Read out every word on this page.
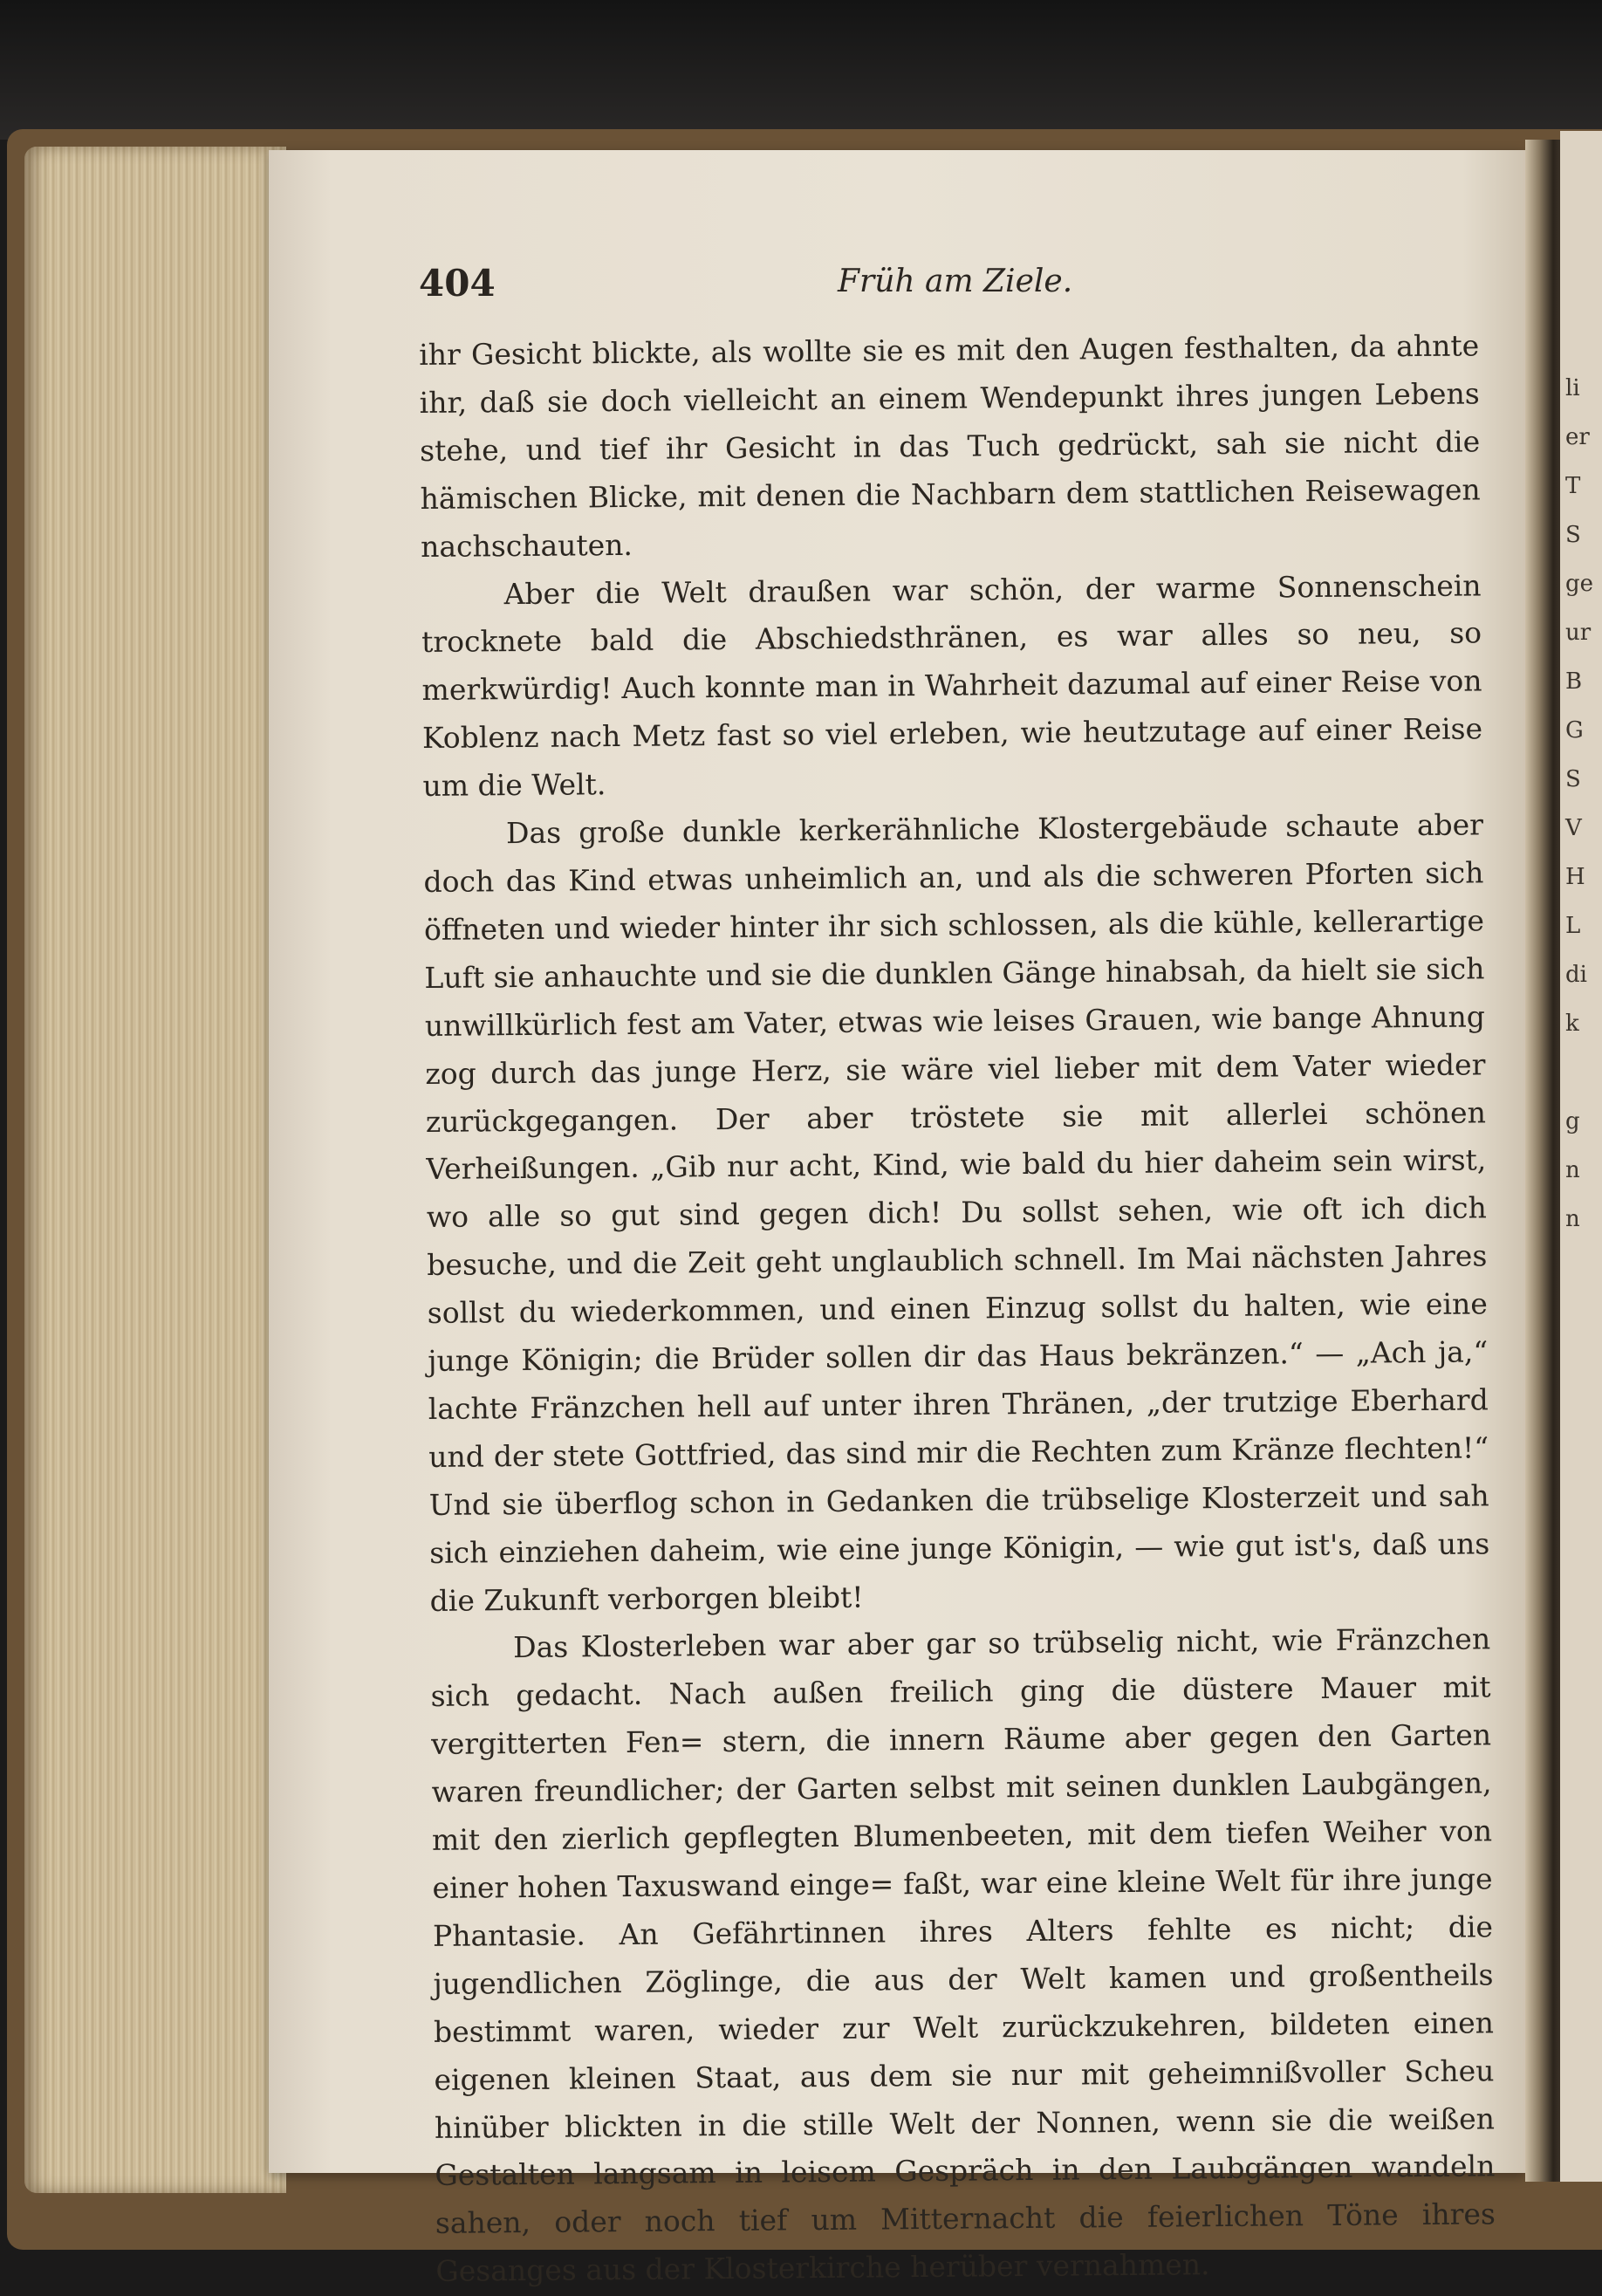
404	Früh am Ziele.

ihr Gesicht blickte, als wollte sie es mit den Augen festhalten, da ahnte ihr, daß sie doch vielleicht an einem Wendepunkt ihres jungen Lebens stehe, und tief ihr Gesicht in das Tuch gedrückt, sah sie nicht die hämischen Blicke, mit denen die Nachbarn dem stattlichen Reisewagen nachschauten.

Aber die Welt draußen war schön, der warme Sonnenschein trocknete bald die Abschiedsthränen, es war alles so neu, so merkwürdig! Auch konnte man in Wahrheit dazumal auf einer Reise von Koblenz nach Metz fast so viel erleben, wie heutzutage auf einer Reise um die Welt.

Das große dunkle kerkerähnliche Klostergebäude schaute aber doch das Kind etwas unheimlich an, und als die schweren Pforten sich öffneten und wieder hinter ihr sich schlossen, als die kühle, kellerartige Luft sie anhauchte und sie die dunklen Gänge hinabsah, da hielt sie sich unwillkürlich fest am Vater, etwas wie leises Grauen, wie bange Ahnung zog durch das junge Herz, sie wäre viel lieber mit dem Vater wieder zurückgegangen. Der aber tröstete sie mit allerlei schönen Verheißungen. „Gib nur acht, Kind, wie bald du hier daheim sein wirst, wo alle so gut sind gegen dich! Du sollst sehen, wie oft ich dich besuche, und die Zeit geht unglaublich schnell. Im Mai nächsten Jahres sollst du wiederkommen, und einen Einzug sollst du halten, wie eine junge Königin; die Brüder sollen dir das Haus bekränzen.“ — „Ach ja,“ lachte Fränzchen hell auf unter ihren Thränen, „der trutzige Eberhard und der stete Gottfried, das sind mir die Rechten zum Kränze flechten!“ Und sie überflog schon in Gedanken die trübselige Klosterzeit und sah sich einziehen daheim, wie eine junge Königin, — wie gut ist's, daß uns die Zukunft verborgen bleibt!

Das Klosterleben war aber gar so trübselig nicht, wie Fränzchen sich gedacht. Nach außen freilich ging die düstere Mauer mit vergitterten Fen= stern, die innern Räume aber gegen den Garten waren freundlicher; der Garten selbst mit seinen dunklen Laubgängen, mit den zierlich gepflegten Blumenbeeten, mit dem tiefen Weiher von einer hohen Taxuswand einge= faßt, war eine kleine Welt für ihre junge Phantasie. An Gefährtinnen ihres Alters fehlte es nicht; die jugendlichen Zöglinge, die aus der Welt kamen und großentheils bestimmt waren, wieder zur Welt zurückzukehren, bildeten einen eigenen kleinen Staat, aus dem sie nur mit geheimnißvoller Scheu hinüber blickten in die stille Welt der Nonnen, wenn sie die weißen Gestalten langsam in leisem Gespräch in den Laubgängen wandeln sahen, oder noch tief um Mitternacht die feierlichen Töne ihres Gesanges aus der Klosterkirche herüber vernahmen.

li
er
T
S
ge
ur
B
G
S
V
H
L
di
k
g
n
n
